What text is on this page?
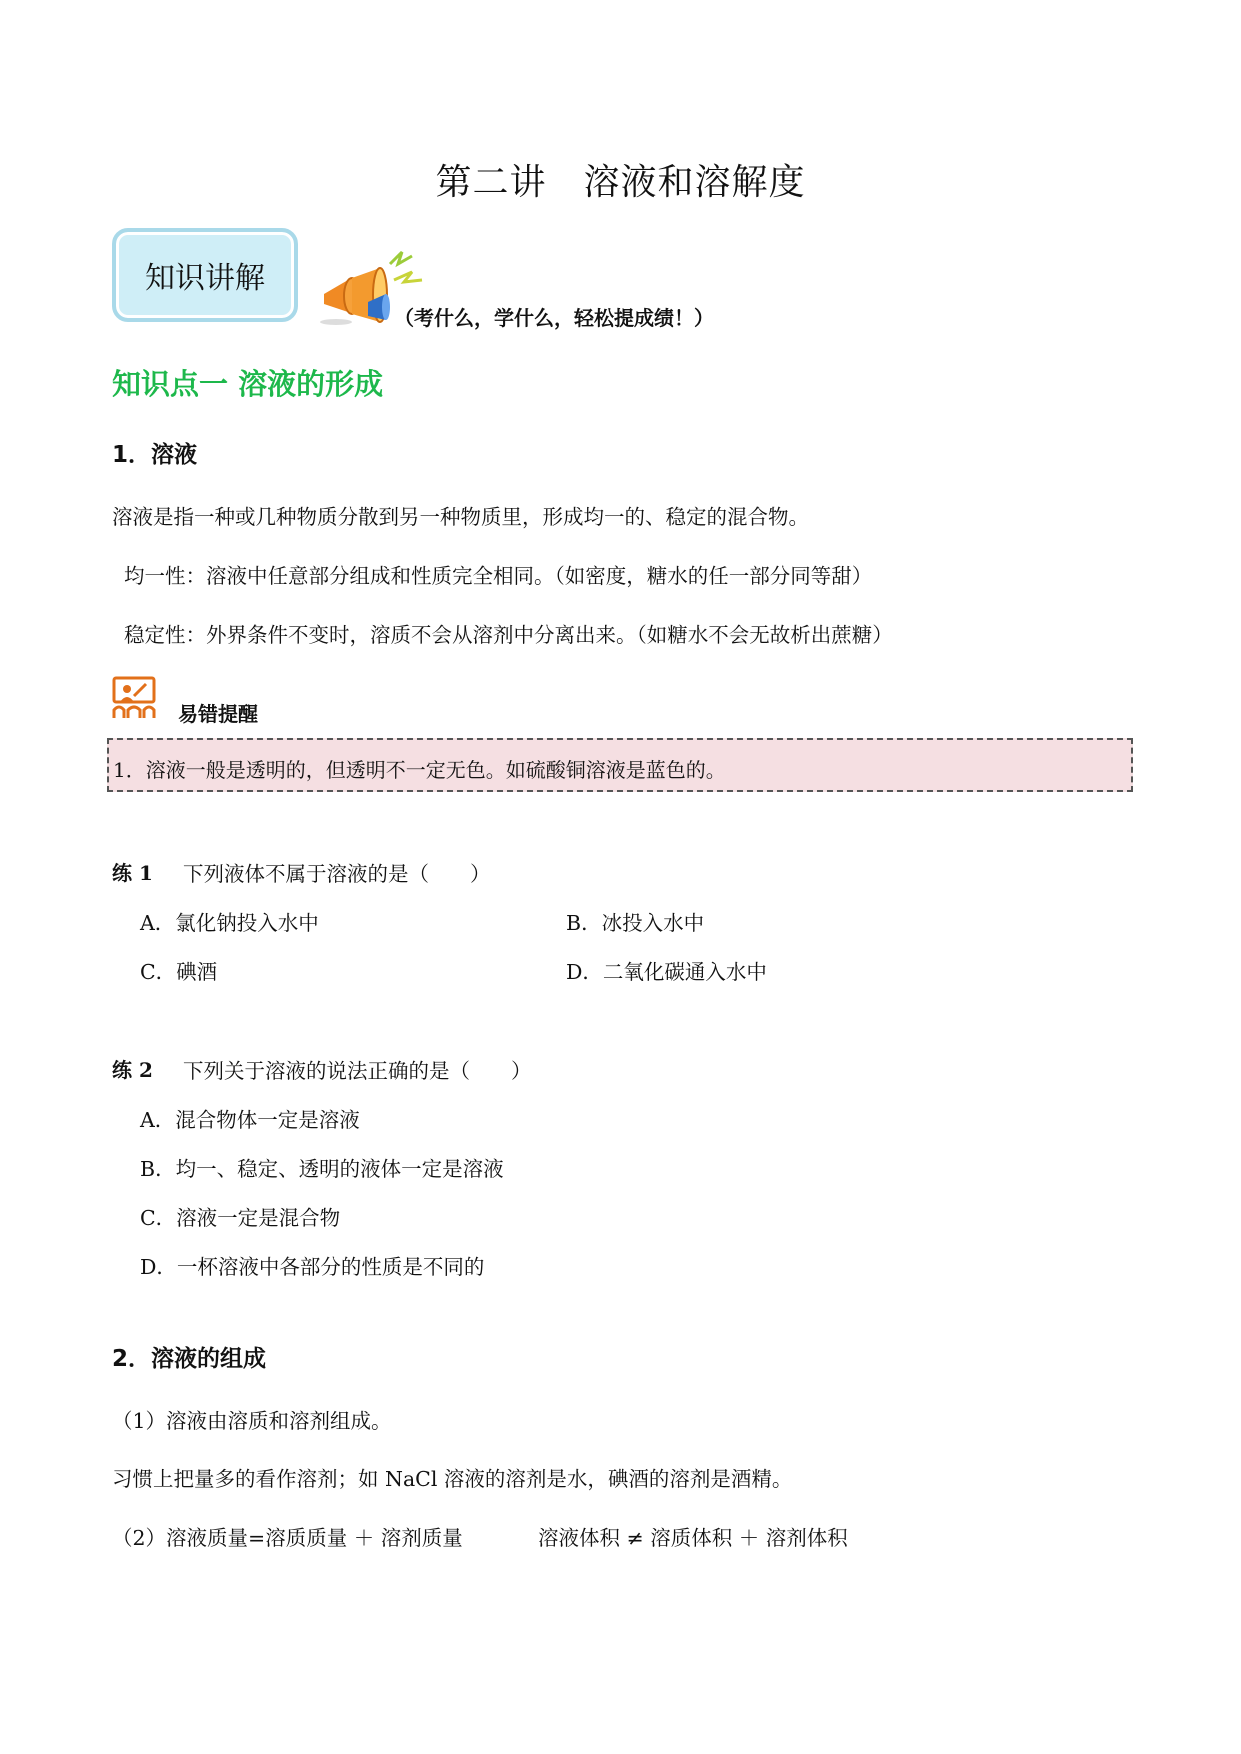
第二讲　溶液和溶解度
知识讲解
（考什么，学什么，轻松提成绩！）
知识点一 溶液的形成
1．溶液
溶液是指一种或几种物质分散到另一种物质里，形成均一的、稳定的混合物。
均一性：溶液中任意部分组成和性质完全相同。（如密度，糖水的任一部分同等甜）
稳定性：外界条件不变时，溶质不会从溶剂中分离出来。（如糖水不会无故析出蔗糖）
易错提醒
1．溶液一般是透明的，但透明不一定无色。如硫酸铜溶液是蓝色的。
练 1 下列液体不属于溶液的是（　　）
A．氯化钠投入水中	B．冰投入水中
C．碘酒	D．二氧化碳通入水中
练 2 下列关于溶液的说法正确的是（　　）
A．混合物体一定是溶液
B．均一、稳定、透明的液体一定是溶液
C．溶液一定是混合物
D．一杯溶液中各部分的性质是不同的
2．溶液的组成
（1）溶液由溶质和溶剂组成。
习惯上把量多的看作溶剂；如 NaCl 溶液的溶剂是水，碘酒的溶剂是酒精。
（2）溶液质量=溶质质量 ＋ 溶剂质量	溶液体积 ≠ 溶质体积 ＋ 溶剂体积
